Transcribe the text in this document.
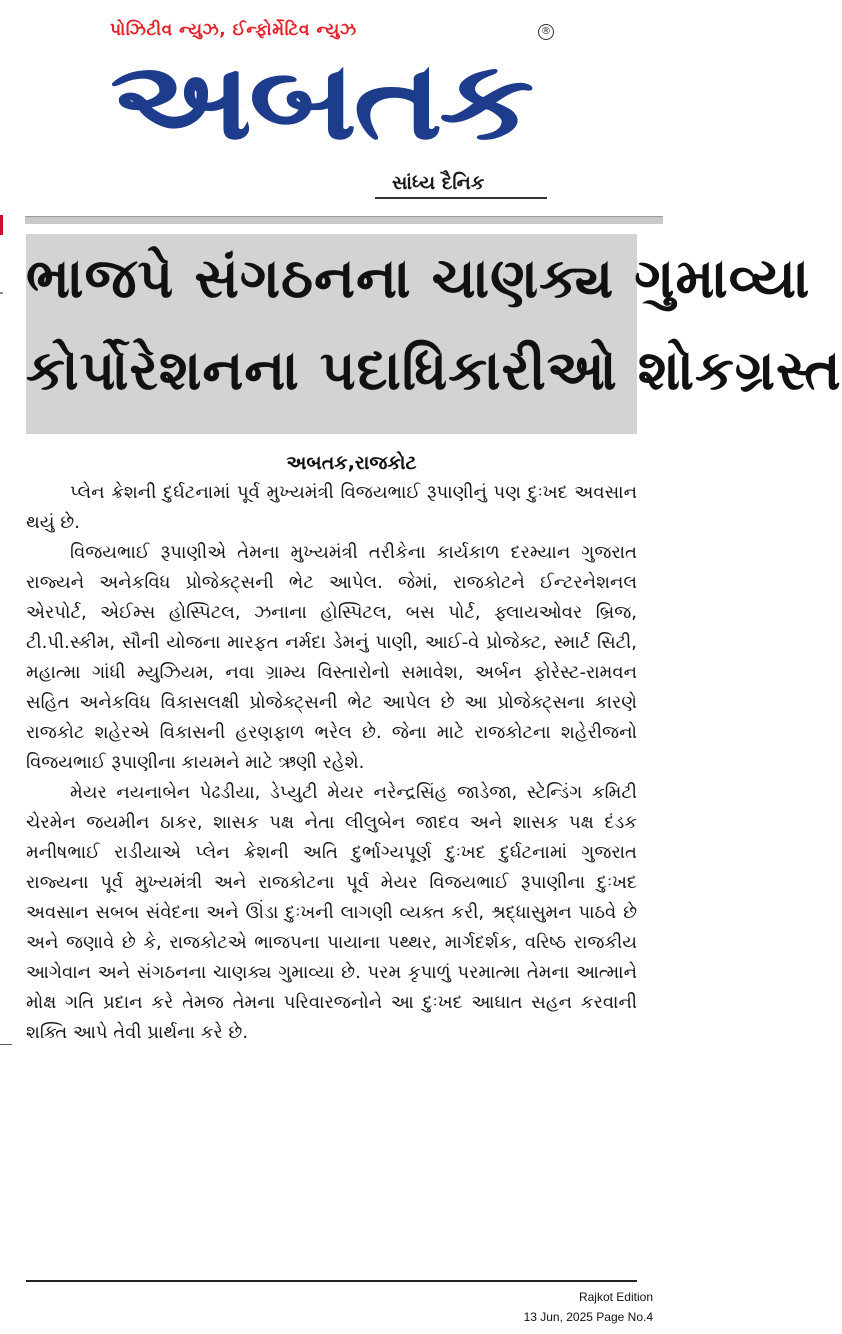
પોઝિટીવ ન્યુઝ, ઈન્ફોર્મેટિવ ન્યુઝ	®
અબતક
સાંધ્ય દૈનિક
ભાજપે સંગઠનના ચાણક્ય ગુમાવ્યા
કોર્પોરેશનના પદાધિકારીઓ શોકગ્રસ્ત

અબતક,રાજકોટ

પ્લેન ક્રેશની દુર્ઘટનામાં પૂર્વ મુખ્યમંત્રી વિજયભાઈ રૂપાણીનું પણ દુઃખદ અવસાન થયું છે.

વિજયભાઈ રૂપાણીએ તેમના મુખ્યમંત્રી તરીકેના કાર્યકાળ દરમ્યાન ગુજરાત રાજ્યને અનેકવિધ પ્રોજેક્ટ્સની ભેટ આપેલ. જેમાં, રાજકોટને ઈન્ટરનેશનલ એરપોર્ટ, એઈમ્સ હોસ્પિટલ, ઝનાના હોસ્પિટલ, બસ પોર્ટ, ફ્લાયઓવર બ્રિજ, ટી.પી.સ્કીમ, સૌની યોજના મારફત નર્મદા ડેમનું પાણી, આઈ-વે પ્રોજેક્ટ, સ્માર્ટ સિટી, મહાત્મા ગાંધી મ્યુઝિયમ, નવા ગ્રામ્ય વિસ્તારોનો સમાવેશ, અર્બન ફોરેસ્ટ-રામવન સહિત અનેકવિધ વિકાસલક્ષી પ્રોજેક્ટ્સની ભેટ આપેલ છે આ પ્રોજેક્ટ્સના કારણે રાજકોટ શહેરએ વિકાસની હરણફાળ ભરેલ છે. જેના માટે રાજકોટના શહેરીજનો વિજયભાઈ રૂપાણીના કાયમને માટે ઋણી રહેશે.

મેયર નયનાબેન પેઢડીયા, ડેપ્યુટી મેયર નરેન્દ્રસિંહ જાડેજા, સ્ટેન્ડિંગ કમિટી ચેરમેન જયમીન ઠાકર, શાસક પક્ષ નેતા લીલુબેન જાદવ અને શાસક પક્ષ દંડક મનીષભાઈ રાડીયાએ પ્લેન ક્રેશની અતિ દુર્ભાગ્યપૂર્ણ દુઃખદ દુર્ઘટનામાં ગુજરાત રાજ્યના પૂર્વ મુખ્યમંત્રી અને રાજકોટના પૂર્વ મેયર વિજયભાઈ રૂપાણીના દુઃખદ અવસાન સબબ સંવેદના અને ઊંડા દુઃખની લાગણી વ્યક્ત કરી, શ્રદ્ધાસુમન પાઠવે છે અને જણાવે છે કે, રાજકોટએ ભાજપના પાયાના પથ્થર, માર્ગદર્શક, વરિષ્ઠ રાજકીય આગેવાન અને સંગઠનના ચાણક્ય ગુમાવ્યા છે. પરમ કૃપાળું પરમાત્મા તેમના આત્માને મોક્ષ ગતિ પ્રદાન કરે તેમજ તેમના પરિવારજનોને આ દુઃખદ આઘાત સહન કરવાની શક્તિ આપે તેવી પ્રાર્થના કરે છે.

Rajkot Edition
13 Jun, 2025 Page No.4
